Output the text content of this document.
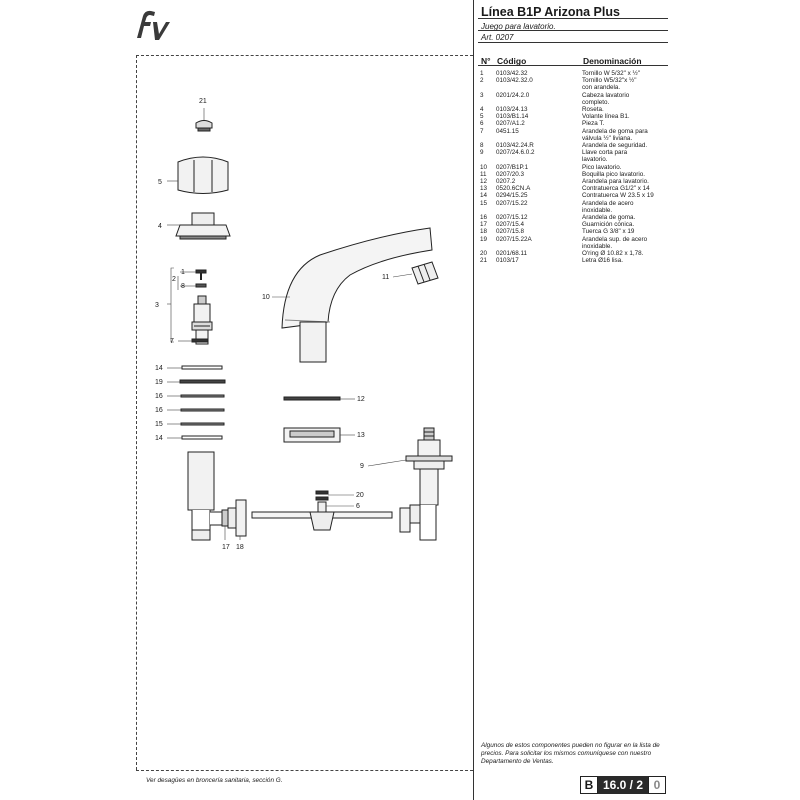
Línea B1P Arizona Plus
Juego para lavatorio.
Art. 0207
N° Código	Denominación
1	0103/42.32	Tornillo W 5/32" x ½"
2	0103/42.32.0	Tornillo W5/32"x ½"
con arandela.
3	0201/24.2.0	Cabeza lavatorio
completo.
4	0103/24.13	Roseta.
5	0103/B1.14	Volante línea B1.
6	0207/A1.2	Pieza T.
7	0451.15	Arandela de goma para
válvula ½" liviana.
8	0103/42.24.R	Arandela de seguridad.
9	0207/24.6.0.2	Llave corta para
lavatorio.
10	0207/B1P.1	Pico lavatorio.
11	0207/20.3	Boquilla pico lavatorio.
12	0207.2	Arandela para lavatorio.
13	0520.6CN.A	Contratuerca G1/2" x 14
14	0294/15.25	Contratuerca W 23.5 x 19
15	0207/15.22	Arandela de acero
inoxidable.
16	0207/15.12	Arandela de goma.
17	0207/15.4	Guarnición cónica.
18	0207/15.8	Tuerca G 3/8" x 19
19	0207/15.22A	Arandela sup. de acero
inoxidable.
20	0201/68.11	O'ring Ø 10.82 x 1,78.
21	0103/17	Letra Ø16 lisa.
21
5
4
2
1
8
3
7
10
11
14
19
16
16
15
14
12
13
9
20
6
17 18
Algunos de estos componentes pueden no figurar en la lista de precios. Para solicitar los mismos comuníquese con nuestro Departamento de Ventas.
Ver desagües en broncería sanitaria, sección G.	B 16.0 / 2 0
